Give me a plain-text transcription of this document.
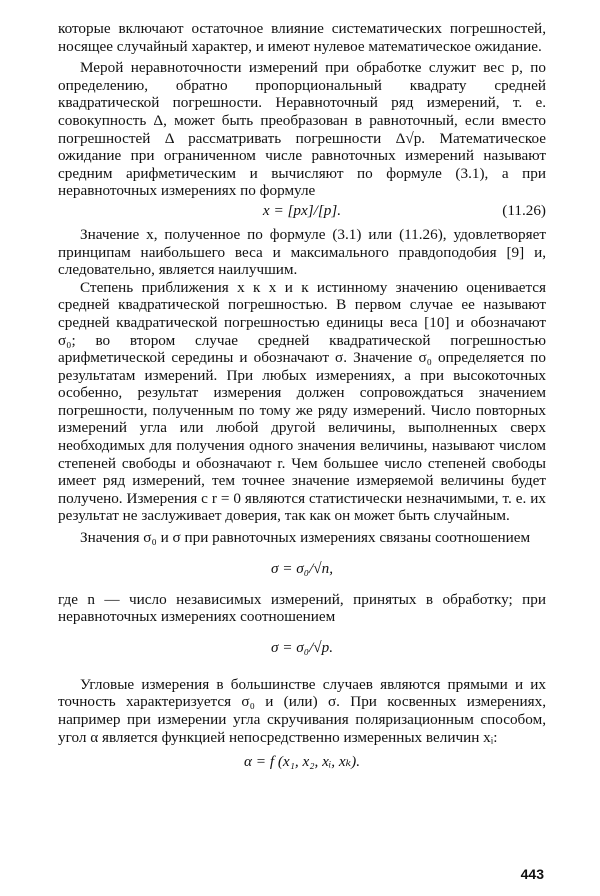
которые включают остаточное влияние систематических погрешностей, носящее случайный характер, и имеют нулевое математическое ожидание.

Мерой неравноточности измерений при обработке служит вес p, по определению, обратно пропорциональный квадрату средней квадратической погрешности. Неравноточный ряд измерений, т. е. совокупность Δ, может быть преобразован в равноточный, если вместо погрешностей Δ рассматривать погрешности Δ√p. Математическое ожидание при ограниченном числе равноточных измерений называют средним арифметическим и вычисляют по формуле (3.1), а при неравноточных измерениях по формуле

x = [px]/[p].	(11.26)

Значение x, полученное по формуле (3.1) или (11.26), удовлетворяет принципам наибольшего веса и максимального правдоподобия [9] и, следовательно, является наилучшим.

Степень приближения x к x и к истинному значению оценивается средней квадратической погрешностью. В первом случае ее называют средней квадратической погрешностью единицы веса [10] и обозначают σ₀; во втором случае средней квадратической погрешностью арифметической середины и обозначают σ. Значение σ₀ определяется по результатам измерений. При любых измерениях, а при высокоточных особенно, результат измерения должен сопровождаться значением погрешности, полученным по тому же ряду измерений. Число повторных измерений угла или любой другой величины, выполненных сверх необходимых для получения одного значения величины, называют числом степеней свободы и обозначают r. Чем большее число степеней свободы имеет ряд измерений, тем точнее значение измеряемой величины будет получено. Измерения с r = 0 являются статистически незначимыми, т. е. их результат не заслуживает доверия, так как он может быть случайным.

Значения σ₀ и σ при равноточных измерениях связаны соотношением

σ = σ₀/√n,

где n — число независимых измерений, принятых в обработку; при неравноточных измерениях соотношением

σ = σ₀/√p.

Угловые измерения в большинстве случаев являются прямыми и их точность характеризуется σ₀ и (или) σ. При косвенных измерениях, например при измерении угла скручивания поляризационным способом, угол α является функцией непосредственно измеренных величин xᵢ:

α = f (x₁, x₂, xᵢ, xₖ).
443
